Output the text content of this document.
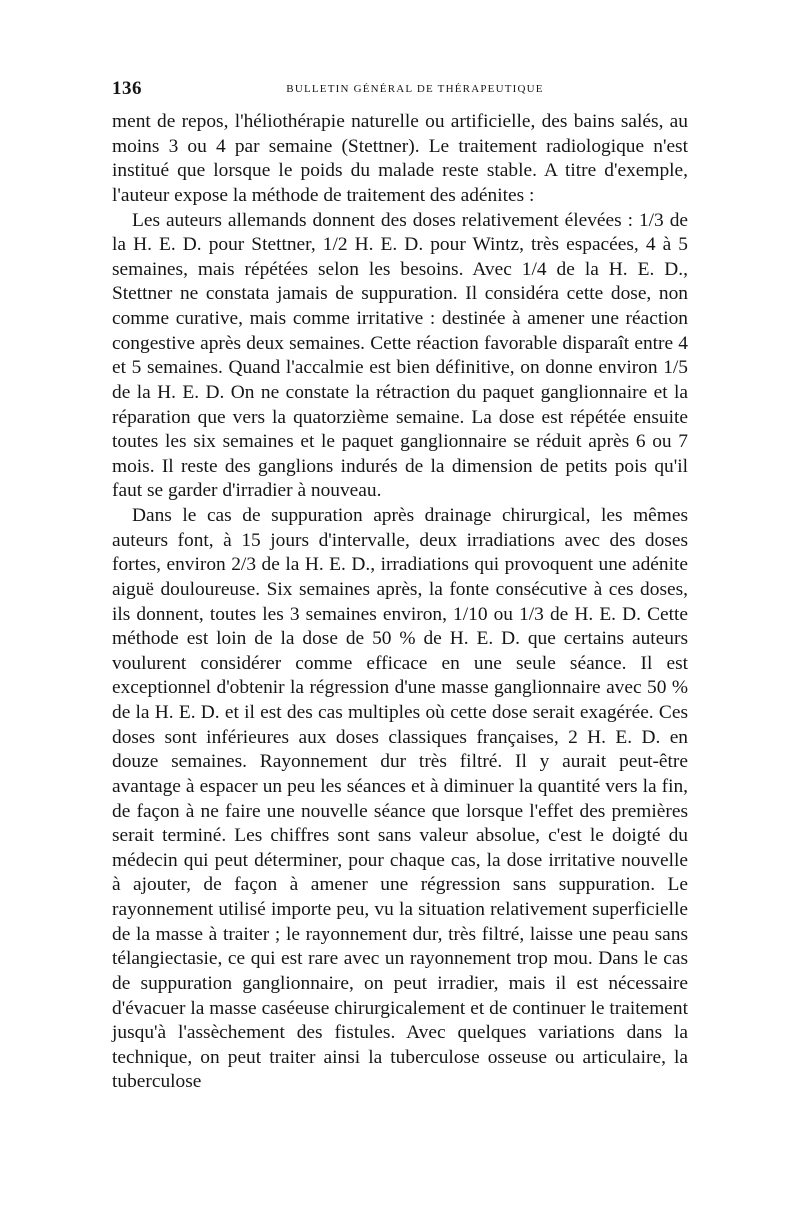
136	BULLETIN GÉNÉRAL DE THÉRAPEUTIQUE

ment de repos, l'héliothérapie naturelle ou artificielle, des bains salés, au moins 3 ou 4 par semaine (Stettner). Le traitement radiologique n'est institué que lorsque le poids du malade reste stable. A titre d'exemple, l'auteur expose la méthode de traitement des adénites :

Les auteurs allemands donnent des doses relativement élevées : 1/3 de la H. E. D. pour Stettner, 1/2 H. E. D. pour Wintz, très espacées, 4 à 5 semaines, mais répétées selon les besoins. Avec 1/4 de la H. E. D., Stettner ne constata jamais de suppuration. Il considéra cette dose, non comme curative, mais comme irritative : destinée à amener une réaction congestive après deux semaines. Cette réaction favorable disparaît entre 4 et 5 semaines. Quand l'accalmie est bien définitive, on donne environ 1/5 de la H. E. D. On ne constate la rétraction du paquet ganglionnaire et la réparation que vers la quatorzième semaine. La dose est répétée ensuite toutes les six semaines et le paquet ganglionnaire se réduit après 6 ou 7 mois. Il reste des ganglions indurés de la dimension de petits pois qu'il faut se garder d'irradier à nouveau.

Dans le cas de suppuration après drainage chirurgical, les mêmes auteurs font, à 15 jours d'intervalle, deux irradiations avec des doses fortes, environ 2/3 de la H. E. D., irradiations qui provoquent une adénite aiguë douloureuse. Six semaines après, la fonte consécutive à ces doses, ils donnent, toutes les 3 semaines environ, 1/10 ou 1/3 de H. E. D. Cette méthode est loin de la dose de 50 % de H. E. D. que certains auteurs voulurent considérer comme efficace en une seule séance. Il est exceptionnel d'obtenir la régression d'une masse ganglionnaire avec 50 % de la H. E. D. et il est des cas multiples où cette dose serait exagérée. Ces doses sont inférieures aux doses classiques françaises, 2 H. E. D. en douze semaines. Rayonnement dur très filtré. Il y aurait peut-être avantage à espacer un peu les séances et à diminuer la quantité vers la fin, de façon à ne faire une nouvelle séance que lorsque l'effet des premières serait terminé. Les chiffres sont sans valeur absolue, c'est le doigté du médecin qui peut déterminer, pour chaque cas, la dose irritative nouvelle à ajouter, de façon à amener une régression sans suppuration. Le rayonnement utilisé importe peu, vu la situation relativement superficielle de la masse à traiter ; le rayonnement dur, très filtré, laisse une peau sans télangiectasie, ce qui est rare avec un rayonnement trop mou. Dans le cas de suppuration ganglionnaire, on peut irradier, mais il est nécessaire d'évacuer la masse caséeuse chirurgicalement et de continuer le traitement jusqu'à l'assèchement des fistules. Avec quelques variations dans la technique, on peut traiter ainsi la tuberculose osseuse ou articulaire, la tuberculose
